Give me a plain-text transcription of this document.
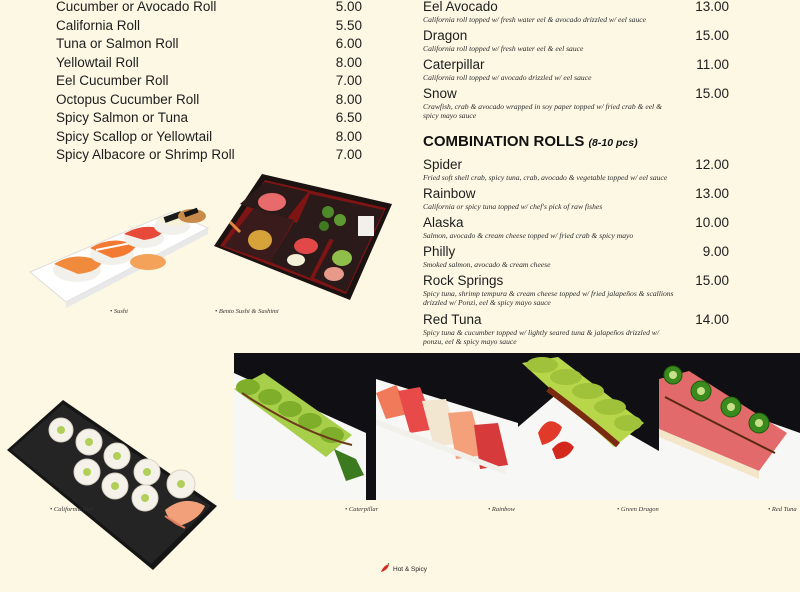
Cucumber or Avocado Roll	5.00
California Roll	5.50
Tuna or Salmon Roll	6.00
Yellowtail Roll	8.00
Eel Cucumber Roll	7.00
Octopus Cucumber Roll	8.00
Spicy Salmon or Tuna	6.50
Spicy Scallop or Yellowtail	8.00
Spicy Albacore or Shrimp Roll	7.00
Eel Avocado	13.00
California roll topped w/ fresh water eel & avocado drizzled w/ eel sauce
Dragon	15.00
California roll topped w/ fresh water eel & eel sauce
Caterpillar	11.00
California roll topped w/ avocado drizzled w/ eel sauce
Snow	15.00
Crawfish, crab & avocado wrapped in soy paper topped w/ fried crab & eel & spicy mayo sauce
COMBINATION ROLLS (8-10 pcs)
Spider	12.00
Fried soft shell crab, spicy tuna, crab, avocado & vegetable topped w/ eel sauce
Rainbow	13.00
California or spicy tuna topped w/ chef's pick of raw fishes
Alaska	10.00
Salmon, avocado & cream cheese topped w/ fried crab & spicy mayo
Philly	9.00
Smoked salmon, avocado & cream cheese
Rock Springs	15.00
Spicy tuna, shrimp tempura & cream cheese topped w/ fried jalapeños & scallions drizzled w/ Ponzi, eel & spicy mayo sauce
Red Tuna	14.00
Spicy tuna & cucumber topped w/ lightly seared tuna & jalapeños drizzled w/ ponzu, eel & spicy mayo sauce
• Sushi	• Bento Sushi & Sashimi
• California Roll	• Caterpillar	• Rainbow	• Green Dragon	• Red Tuna
Hot & Spicy
